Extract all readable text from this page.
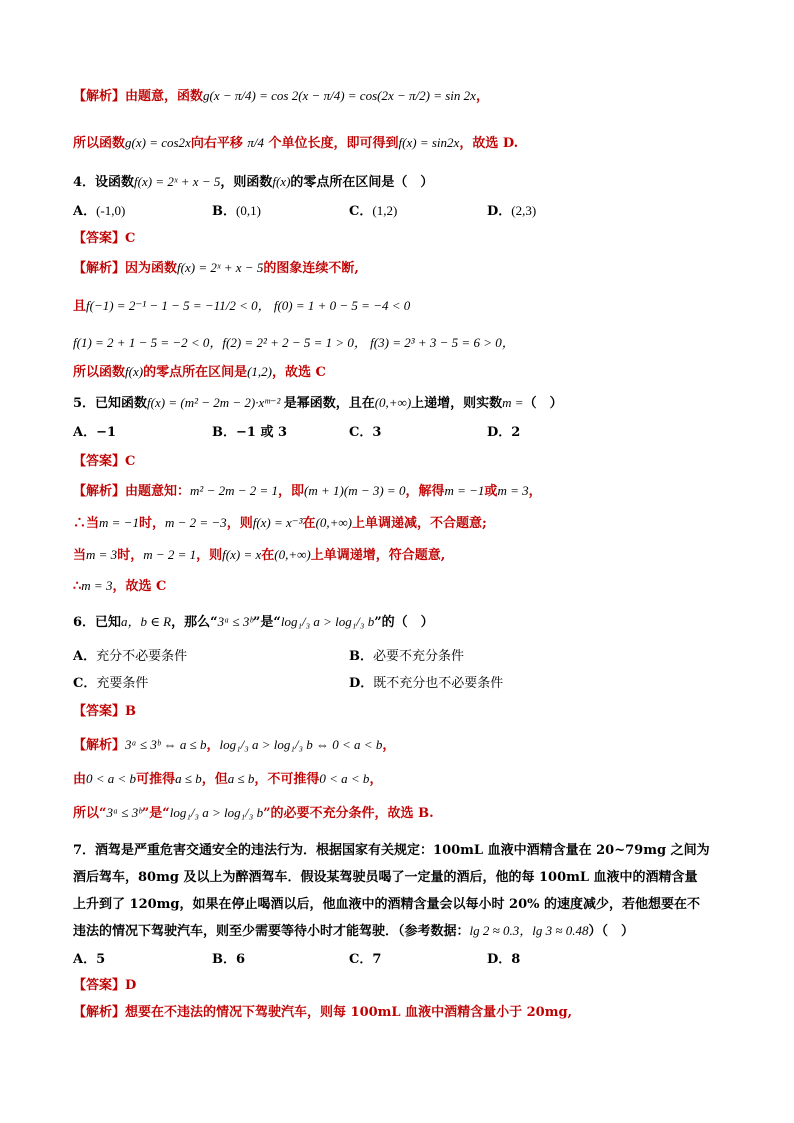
【解析】由题意，函数g(x − π/4) = cos 2(x − π/4) = cos(2x − π/2) = sin 2x，
所以函数g(x) = cos2x向右平移 π/4 个单位长度，即可得到f(x) = sin2x，故选 D.
4．设函数f(x) = 2ˣ + x − 5，则函数f(x)的零点所在区间是（　）
A．(-1,0)	B．(0,1)	C．(1,2)	D．(2,3)
【答案】C
【解析】因为函数f(x) = 2ˣ + x − 5的图象连续不断,
且f(−1) = 2⁻¹ − 1 − 5 = −11/2 < 0， f(0) = 1 + 0 − 5 = −4 < 0
f(1) = 2 + 1 − 5 = −2 < 0，f(2) = 2² + 2 − 5 = 1 > 0， f(3) = 2³ + 3 − 5 = 6 > 0，
所以函数f(x)的零点所在区间是(1,2)，故选 C
5．已知函数f(x) = (m² − 2m − 2)·xᵐ⁻² 是幂函数，且在(0,+∞)上递增，则实数m =（　）
A．−1	B．−1 或 3	C．3	D．2
【答案】C
【解析】由题意知：m² − 2m − 2 = 1，即(m + 1)(m − 3) = 0，解得m = −1或m = 3，
∴当m = −1时，m − 2 = −3，则f(x) = x⁻³在(0,+∞)上单调递减，不合题意;
当m = 3时，m − 2 = 1，则f(x) = x在(0,+∞)上单调递增，符合题意,
∴m = 3，故选 C
6．已知a，b ∈ R，那么“3ᵃ ≤ 3ᵇ”是“log₁/₃ a > log₁/₃ b”的（　）
A．充分不必要条件	B．必要不充分条件
C．充要条件	D．既不充分也不必要条件
【答案】B
【解析】3ᵃ ≤ 3ᵇ ⇔ a ≤ b，log₁/₃ a > log₁/₃ b ⇔ 0 < a < b，
由0 < a < b可推得a ≤ b，但a ≤ b，不可推得0 < a < b，
所以“3ᵃ ≤ 3ᵇ”是“log₁/₃ a > log₁/₃ b”的必要不充分条件，故选 B.
7．酒驾是严重危害交通安全的违法行为．根据国家有关规定：100mL 血液中酒精含量在 20~79mg 之间为
酒后驾车，80mg 及以上为醉酒驾车．假设某驾驶员喝了一定量的酒后，他的每 100mL 血液中的酒精含量
上升到了 120mg，如果在停止喝酒以后，他血液中的酒精含量会以每小时 20% 的速度减少，若他想要在不
违法的情况下驾驶汽车，则至少需要等待小时才能驾驶．（参考数据：lg 2 ≈ 0.3，lg 3 ≈ 0.48）（　）
A．5	B．6	C．7	D．8
【答案】D
【解析】想要在不违法的情况下驾驶汽车，则每 100mL 血液中酒精含量小于 20mg,
